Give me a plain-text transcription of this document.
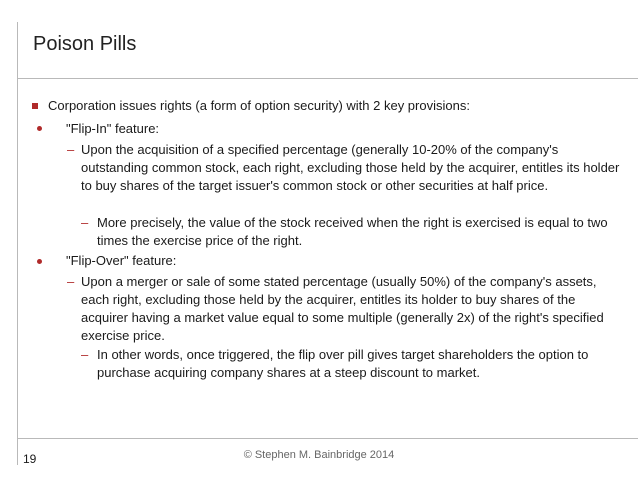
Poison Pills
Corporation issues rights (a form of option security) with 2 key provisions:
"Flip-In" feature:
– Upon the acquisition of a specified percentage (generally 10-20% of the company's outstanding common stock, each right, excluding those held by the acquirer, entitles its holder to buy shares of the target issuer's common stock or other securities at half price.
– More precisely, the value of the stock received when the right is exercised is equal to two times the exercise price of the right.
"Flip-Over" feature:
– Upon a merger or sale of some stated percentage (usually 50%) of the company's assets, each right, excluding those held by the acquirer, entitles its holder to buy shares of the acquirer having a market value equal to some multiple (generally 2x) of the right's specified exercise price.
– In other words, once triggered, the flip over pill gives target shareholders the option to purchase acquiring company shares at a steep discount to market.
19	© Stephen M. Bainbridge 2014
